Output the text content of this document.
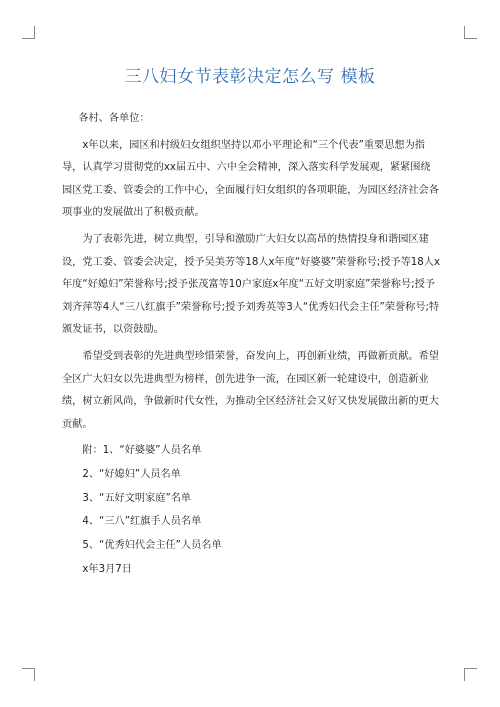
三八妇女节表彰决定怎么写 模板

各村、各单位：

x年以来，园区和村级妇女组织坚持以邓小平理论和“三个代表”重要思想为指导，认真学习贯彻党的xx届五中、六中全会精神，深入落实科学发展观，紧紧围绕园区党工委、管委会的工作中心，全面履行妇女组织的各项职能，为园区经济社会各项事业的发展做出了积极贡献。

为了表彰先进，树立典型，引导和激励广大妇女以高昂的热情投身和谐园区建设，党工委、管委会决定，授予吴美芳等18人x年度“好婆婆”荣誉称号;授予等18人x年度“好媳妇”荣誉称号;授予张茂富等10户家庭x年度“五好文明家庭”荣誉称号;授予刘齐萍等4人“三八红旗手”荣誉称号;授予刘秀英等3人“优秀妇代会主任”荣誉称号;特颁发证书，以资鼓励。

希望受到表彰的先进典型珍惜荣誉，奋发向上，再创新业绩，再做新贡献。希望全区广大妇女以先进典型为榜样，创先进争一流，在园区新一轮建设中，创造新业绩，树立新风尚，争做新时代女性，为推动全区经济社会又好又快发展做出新的更大贡献。

附：1、“好婆婆”人员名单

2、“好媳妇”人员名单

3、“五好文明家庭”名单

4、“三八”红旗手人员名单

5、“优秀妇代会主任”人员名单

x年3月7日
